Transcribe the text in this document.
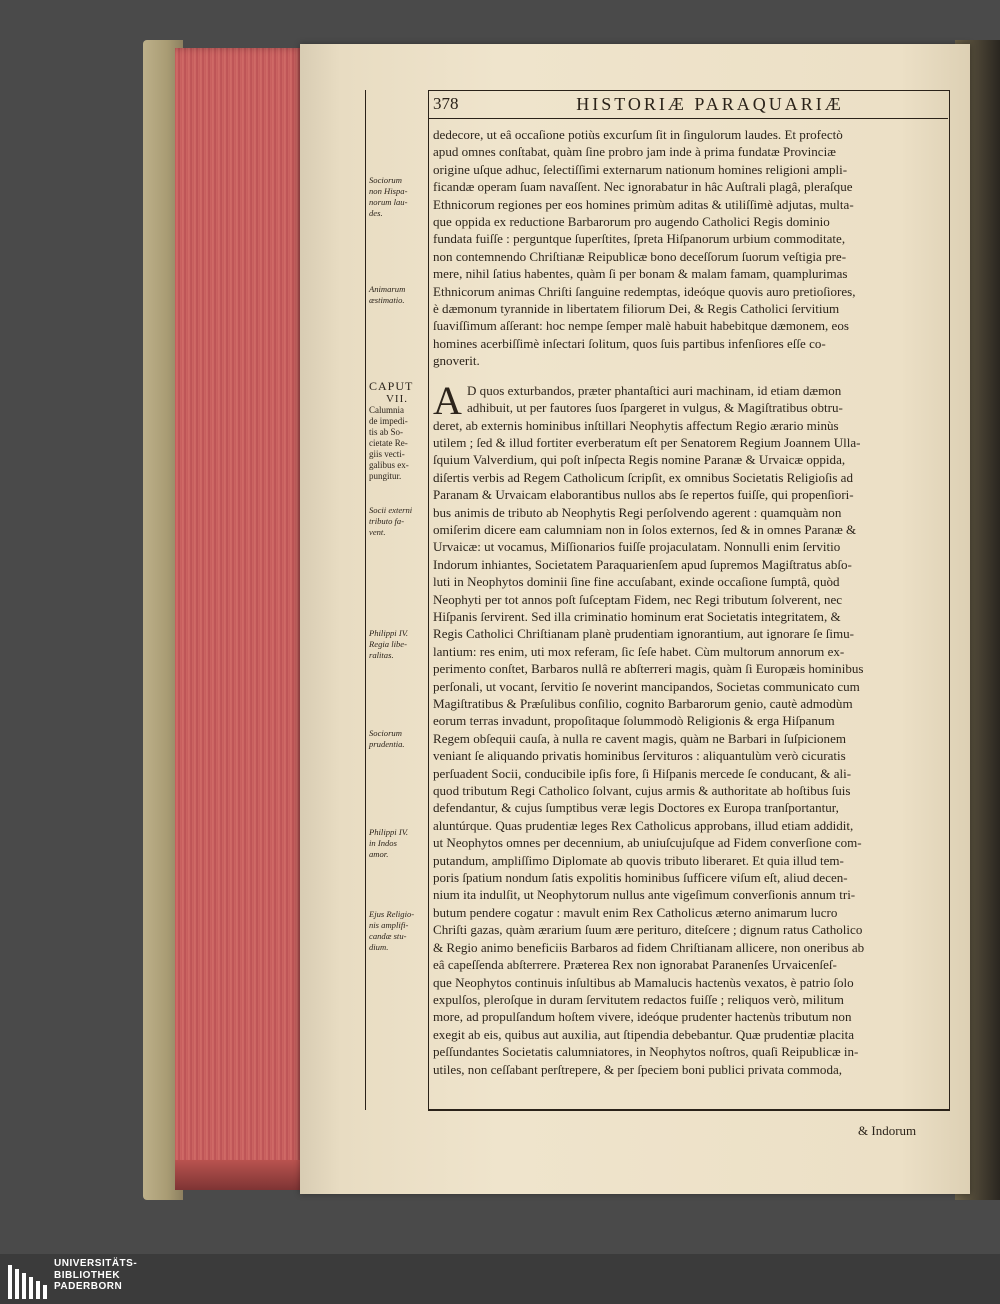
378	HISTORIÆ PARAQUARIÆ
Sociorum
non Hispa-
norum lau-
des.
Animarum
æstimatio.
CAPUT
VII.
Calumnia
de impedi-
tis ab So-
cietate Re-
giis vecti-
galibus ex-
pungitur.
Socii externi
tributo fa-
vent.
Philippi IV.
Regia libe-
ralitas.
Sociorum
prudentia.
Philippi IV.
in Indos
amor.
Ejus Religio-
nis amplifi-
candæ stu-
dium.
dedecore, ut eâ occaſione potiùs excurſum ſit in ſingulorum laudes. Et profectò
apud omnes conſtabat, quàm ſine probro jam inde à prima fundatæ Provinciæ
origine uſque adhuc, ſelectiſſimi externarum nationum homines religioni ampli-
ficandæ operam ſuam navaſſent. Nec ignorabatur in hâc Auſtrali plagâ, pleraſque
Ethnicorum regiones per eos homines primùm aditas & utiliſſimè adjutas, multa-
que oppida ex reductione Barbarorum pro augendo Catholici Regis dominio
fundata fuiſſe : perguntque ſuperſtites, ſpreta Hiſpanorum urbium commoditate,
non contemnendo Chriſtianæ Reipublicæ bono deceſſorum ſuorum veſtigia pre-
mere, nihil ſatius habentes, quàm ſi per bonam & malam famam, quamplurimas
Ethnicorum animas Chriſti ſanguine redemptas, ideóque quovis auro pretioſiores,
è dæmonum tyrannide in libertatem filiorum Dei, & Regis Catholici ſervitium
ſuaviſſimum aſſerant: hoc nempe ſemper malè habuit habebitque dæmonem, eos
homines acerbiſſimè inſectari ſolitum, quos ſuis partibus infenſiores eſſe co-
gnoverit.
A D quos exturbandos, præter phantaſtici auri machinam, id etiam dæmon
adhibuit, ut per fautores ſuos ſpargeret in vulgus, & Magiſtratibus obtru-
deret, ab externis hominibus inſtillari Neophytis affectum Regio ærario minùs
utilem ; ſed & illud fortiter everberatum eſt per Senatorem Regium Joannem Ulla-
ſquium Valverdium, qui poſt inſpecta Regis nomine Paranæ & Urvaicæ oppida,
diſertis verbis ad Regem Catholicum ſcripſit, ex omnibus Societatis Religioſis ad
Paranam & Urvaicam elaborantibus nullos abs ſe repertos fuiſſe, qui propenſiori-
bus animis de tributo ab Neophytis Regi perſolvendo agerent : quamquàm non
omiſerim dicere eam calumniam non in ſolos externos, ſed & in omnes Paranæ &
Urvaicæ: ut vocamus, Miſſionarios fuiſſe projaculatam. Nonnulli enim ſervitio
Indorum inhiantes, Societatem Paraquarienſem apud ſupremos Magiſtratus abſo-
luti in Neophytos dominii ſine fine accuſabant, exinde occaſione ſumptâ, quòd
Neophyti per tot annos poſt ſuſceptam Fidem, nec Regi tributum ſolverent, nec
Hiſpanis ſervirent. Sed illa criminatio hominum erat Societatis integritatem, &
Regis Catholici Chriſtianam planè prudentiam ignorantium, aut ignorare ſe ſimu-
lantium: res enim, uti mox referam, ſic ſeſe habet. Cùm multorum annorum ex-
perimento conſtet, Barbaros nullâ re abſterreri magis, quàm ſi Europæis hominibus
perſonali, ut vocant, ſervitio ſe noverint mancipandos, Societas communicato cum
Magiſtratibus & Præſulibus conſilio, cognito Barbarorum genio, cautè admodùm
eorum terras invadunt, propoſitaque ſolummodò Religionis & erga Hiſpanum
Regem obſequii cauſa, à nulla re cavent magis, quàm ne Barbari in ſuſpicionem
veniant ſe aliquando privatis hominibus ſervituros : aliquantulùm verò cicuratis
perſuadent Socii, conducibile ipſis fore, ſi Hiſpanis mercede ſe conducant, & ali-
quod tributum Regi Catholico ſolvant, cujus armis & authoritate ab hoſtibus ſuis
defendantur, & cujus ſumptibus veræ legis Doctores ex Europa tranſportantur,
aluntúrque. Quas prudentiæ leges Rex Catholicus approbans, illud etiam addidit,
ut Neophytos omnes per decennium, ab uniuſcujuſque ad Fidem converſione com-
putandum, ampliſſimo Diplomate ab quovis tributo liberaret. Et quia illud tem-
poris ſpatium nondum ſatis expolitis hominibus ſufficere viſum eſt, aliud decen-
nium ita indulſit, ut Neophytorum nullus ante vigeſimum converſionis annum tri-
butum pendere cogatur : mavult enim Rex Catholicus æterno animarum lucro
Chriſti gazas, quàm ærarium ſuum ære perituro, diteſcere ; dignum ratus Catholico
& Regio animo beneficiis Barbaros ad fidem Chriſtianam allicere, non oneribus ab
eâ capeſſenda abſterrere. Præterea Rex non ignorabat Paranenſes Urvaicenſeſ-
que Neophytos continuis inſultibus ab Mamalucis hactenùs vexatos, è patrio ſolo
expulſos, pleroſque in duram ſervitutem redactos fuiſſe ; reliquos verò, militum
more, ad propulſandum hoſtem vivere, ideóque prudenter hactenùs tributum non
exegit ab eis, quibus aut auxilia, aut ſtipendia debebantur. Quæ prudentiæ placita
peſſundantes Societatis calumniatores, in Neophytos noſtros, quaſi Reipublicæ in-
utiles, non ceſſabant perſtrepere, & per ſpeciem boni publici privata commoda,
& Indorum
UNIVERSITÄTS-
BIBLIOTHEK
PADERBORN
